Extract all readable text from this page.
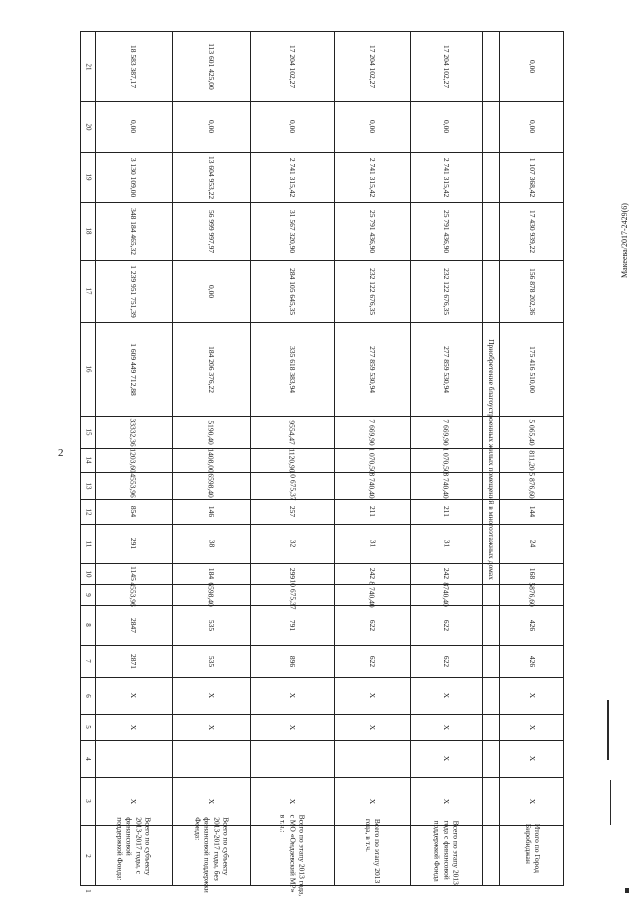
2
Макеева/2017-2429(6)
1
2
3
4
5
6
7
8
9
10
11
12
13
14
15
16
17
18
19
20
21
Всего по субъекту 2013-2017 годы, с финансовой поддержкой Фонда:
X
X
X
2871
2847
4553,96
1145
291
854
4553,96
1203,60
33332,36
1 609 449 712,88
1 239 951 751,39
348 184 465,32
3 130 109,00
0,00
18 583 387,17
Всего по субъекту 2013-2017 годы, без финансовой поддержки Фонда:
X
X
X
535
535
6598,40
184
38
146
6598,40
1408,00
5190,40
184 206 376,22
0,00
56 999 997,97
13 604 953,22
0,00
113 601 425,00
Всего по этапу 2013 года, с МО «Ондаевский МР» в т.ч.:
X
X
X
896
791
10 675,37
299
32
257
10 675,37
1120,90
9554,47
335 618 383,94
284 105 645,35
31 567 320,90
2 741 315,42
0,00
17 204 102,27
Всего по этапу 2013 года, в т.ч.
X
X
X
622
622
8 740,40
242
31
211
8 740,40
1 070,50
7 669,90
277 859 530,94
232 122 676,35
25 791 436,90
2 741 315,42
0,00
17 204 102,27
Всего по этапу 2013 года с финансовой поддержкой Фонда
X
X
X
X
622
622
8740,40
242
31
211
8 740,40
1 070,50
7 669,90
277 859 530,94
232 122 676,35
25 791 436,90
2 741 315,42
0,00
17 204 102,27
Приобретение благоустроенных жилых помещений в многоэтажных домах
Итого по Город Бирoбиджан
X
X
X
X
426
426
5876,60
168
24
144
5 876,60
811,20
5 065,40
175 416 510,00
156 878 202,36
17 430 939,22
1 107 368,42
0,00
0,00
